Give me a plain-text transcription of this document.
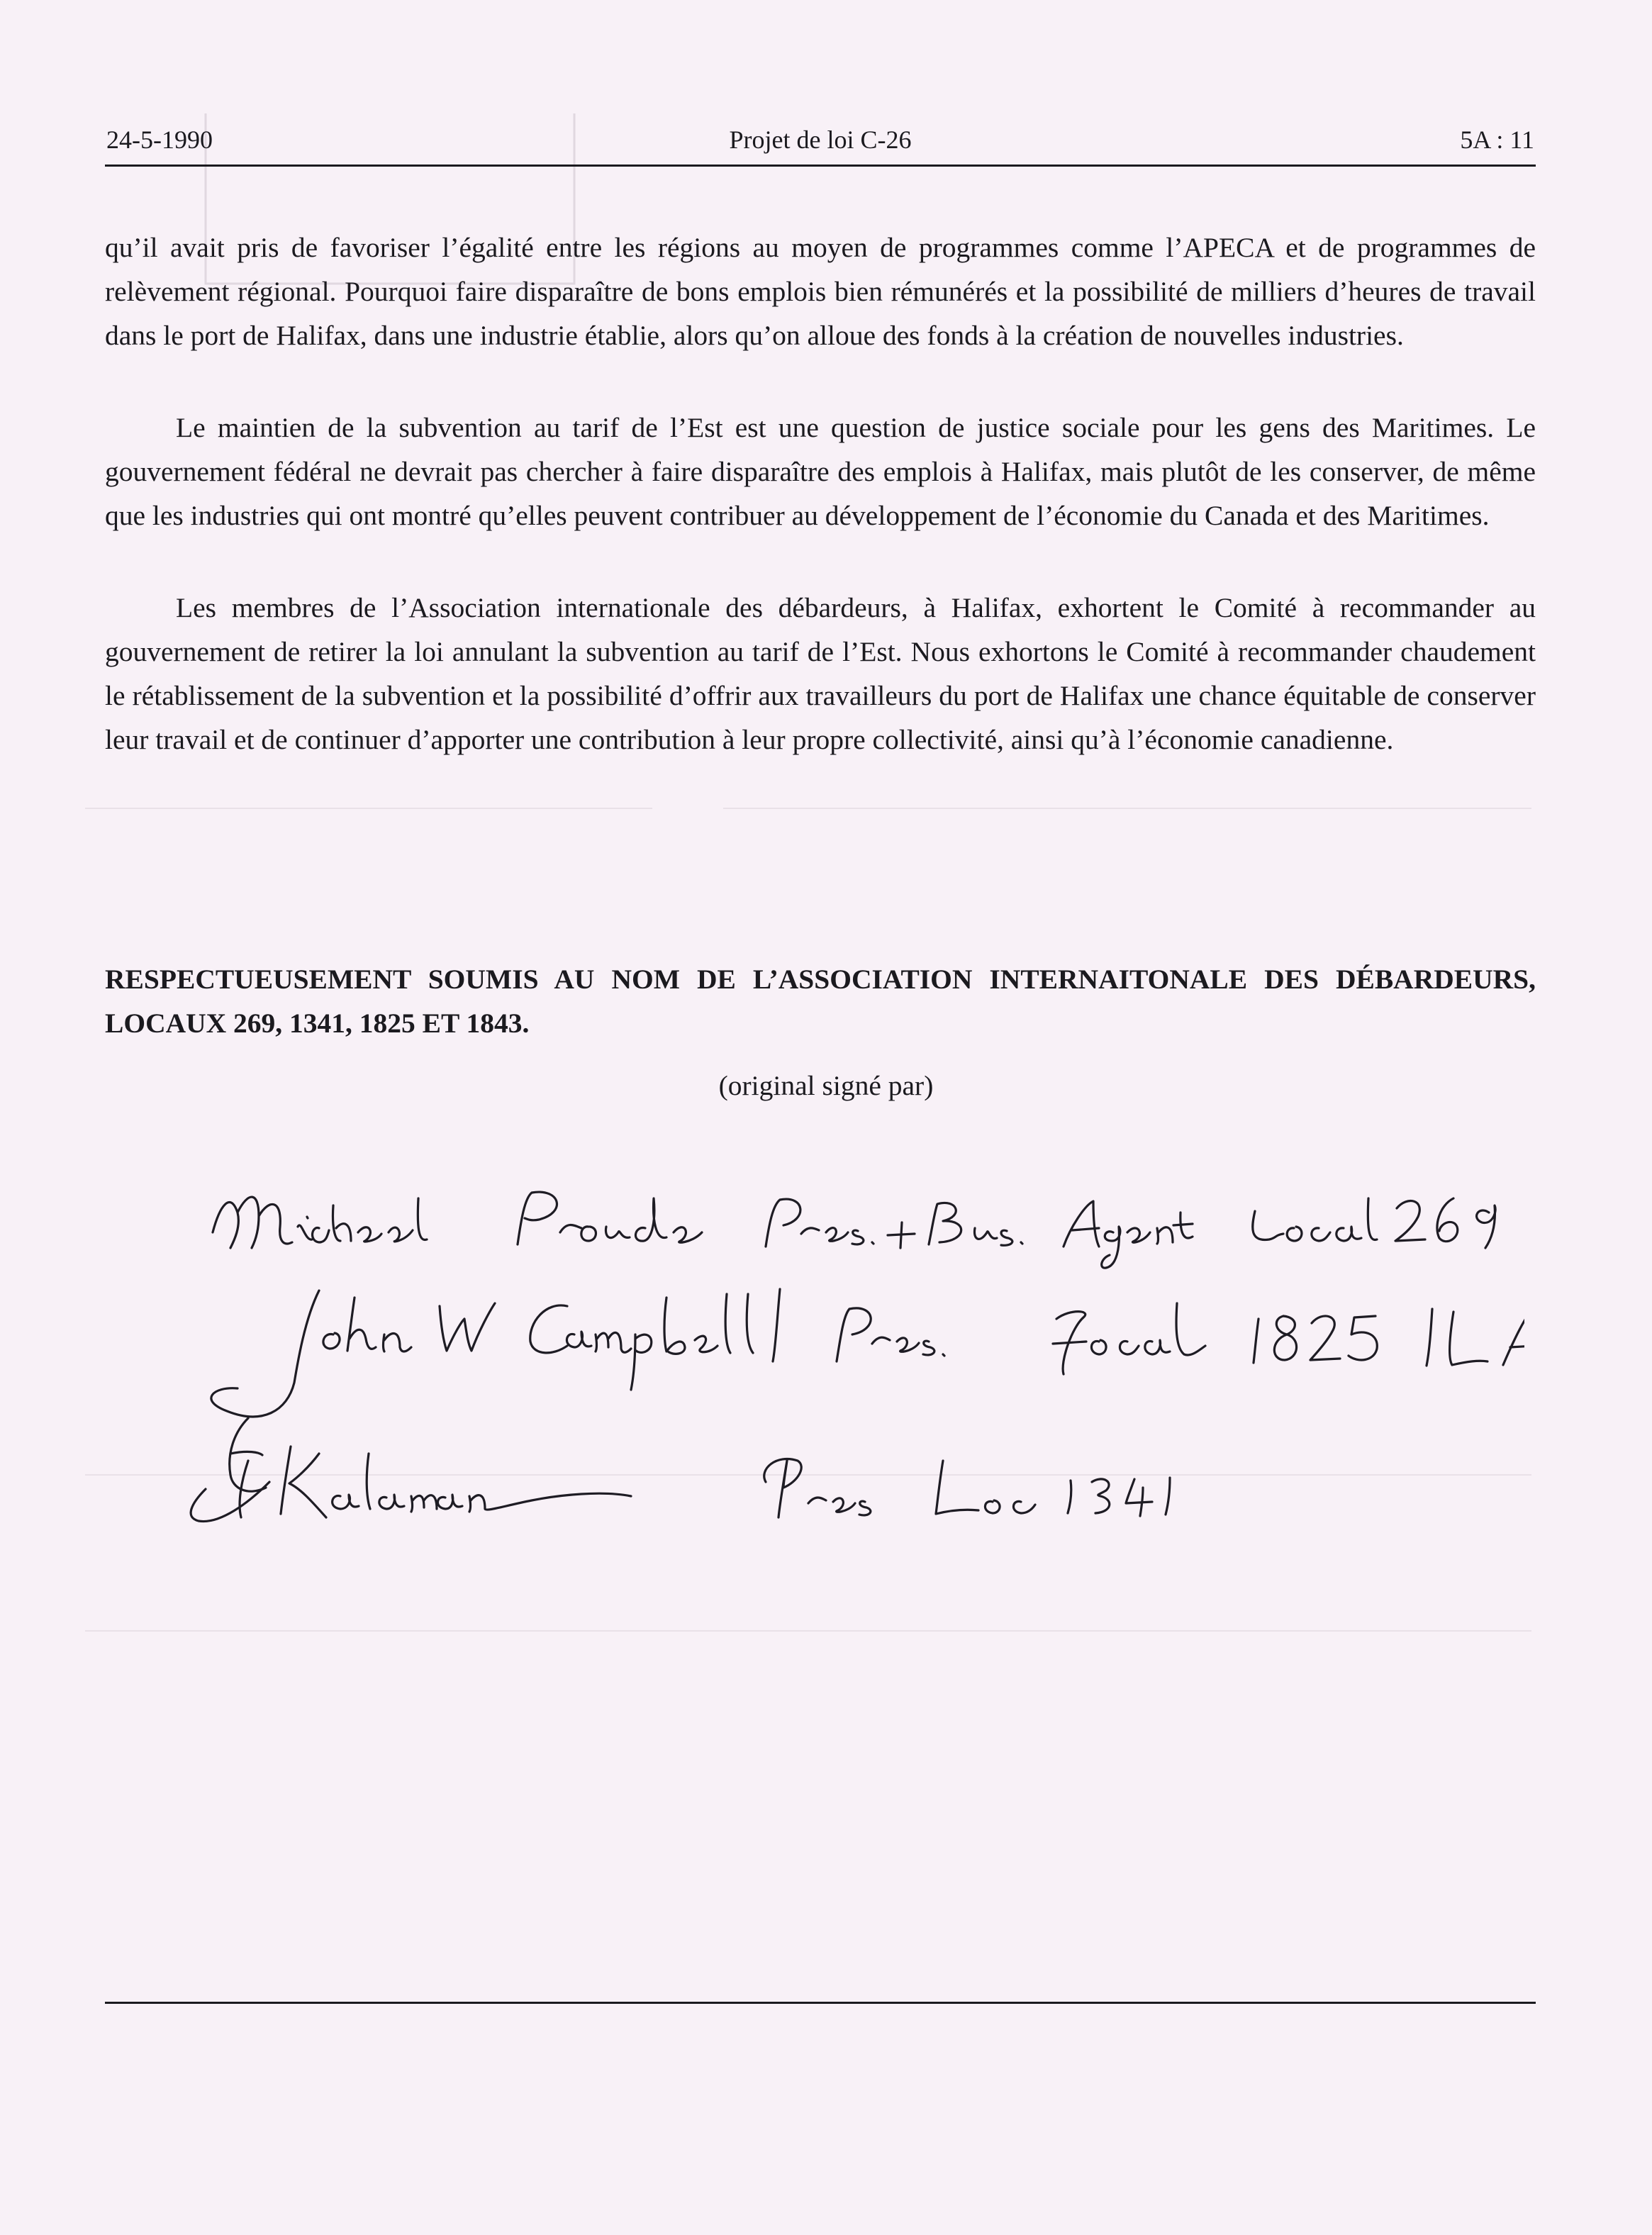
24-5-1990	Projet de loi C-26	5A : 11

qu’il avait pris de favoriser l’égalité entre les régions au moyen de programmes comme l’APECA et de programmes de relèvement régional. Pourquoi faire disparaître de bons emplois bien rémunérés et la possibilité de milliers d’heures de travail dans le port de Halifax, dans une industrie établie, alors qu’on alloue des fonds à la création de nouvelles industries.

Le maintien de la subvention au tarif de l’Est est une question de justice sociale pour les gens des Maritimes. Le gouvernement fédéral ne devrait pas chercher à faire disparaître des emplois à Halifax, mais plutôt de les conserver, de même que les industries qui ont montré qu’elles peuvent contribuer au développement de l’économie du Canada et des Maritimes.

Les membres de l’Association internationale des débardeurs, à Halifax, exhortent le Comité à recommander au gouvernement de retirer la loi annulant la subvention au tarif de l’Est. Nous exhortons le Comité à recommander chaudement le rétablissement de la subvention et la possibilité d’offrir aux travailleurs du port de Halifax une chance équitable de conserver leur travail et de continuer d’apporter une contribution à leur propre collectivité, ainsi qu’à l’économie canadienne.

RESPECTUEUSEMENT SOUMIS AU NOM DE L’ASSOCIATION INTERNAITONALE DES DÉBARDEURS, LOCAUX 269, 1341, 1825 ET 1843.

(original signé par)
